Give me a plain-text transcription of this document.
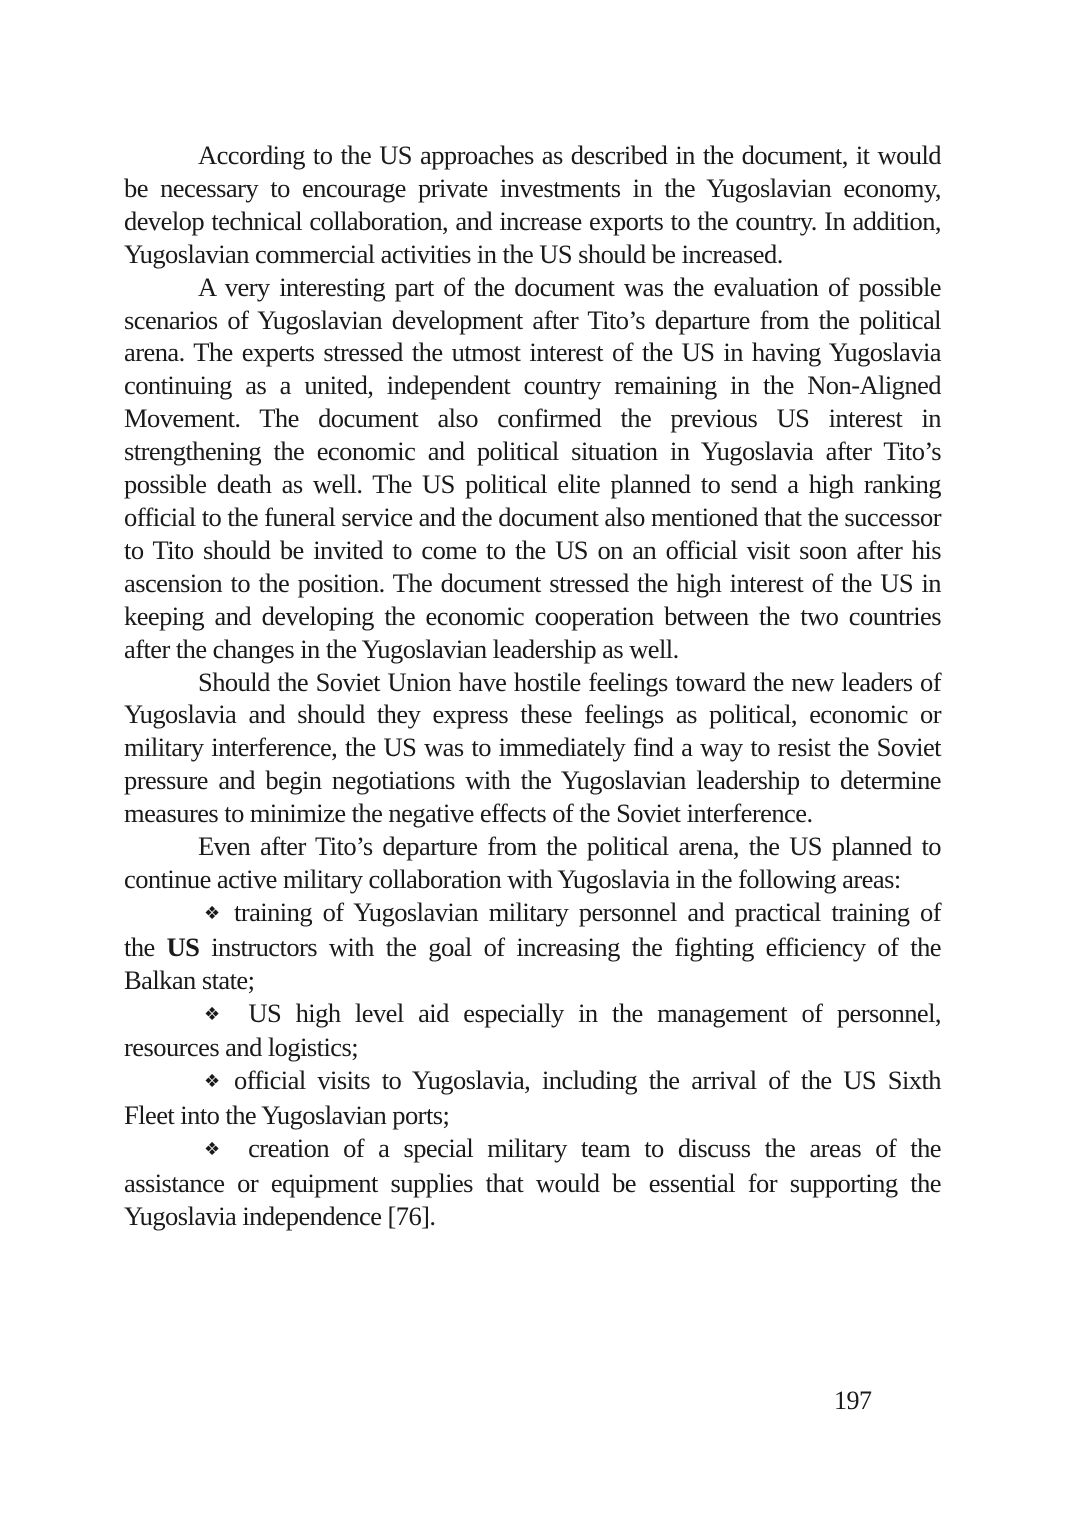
According to the US approaches as described in the document, it would be necessary to encourage private investments in the Yugoslavian economy, develop technical collaboration, and increase exports to the country. In addition, Yugoslavian commercial activities in the US should be increased.

A very interesting part of the document was the evaluation of possible scenarios of Yugoslavian development after Tito’s departure from the political arena. The experts stressed the utmost interest of the US in having Yugoslavia continuing as a united, independent country remaining in the Non-Aligned Movement. The document also confirmed the previous US interest in strengthening the economic and political situation in Yugoslavia after Tito’s possible death as well. The US political elite planned to send a high ranking official to the funeral service and the document also mentioned that the successor to Tito should be invited to come to the US on an official visit soon after his ascension to the position. The document stressed the high interest of the US in keeping and developing the economic cooperation between the two countries after the changes in the Yugoslavian leadership as well.

Should the Soviet Union have hostile feelings toward the new leaders of Yugoslavia and should they express these feelings as political, economic or military interference, the US was to immediately find a way to resist the Soviet pressure and begin negotiations with the Yugoslavian leadership to determine measures to minimize the negative effects of the Soviet interference.

Even after Tito’s departure from the political arena, the US planned to continue active military collaboration with Yugoslavia in the following areas:

❖ training of Yugoslavian military personnel and practical training of the US instructors with the goal of increasing the fighting efficiency of the Balkan state;

❖ US high level aid especially in the management of personnel, resources and logistics;

❖ official visits to Yugoslavia, including the arrival of the US Sixth Fleet into the Yugoslavian ports;

❖ creation of a special military team to discuss the areas of the assistance or equipment supplies that would be essential for supporting the Yugoslavia independence [76].

197
